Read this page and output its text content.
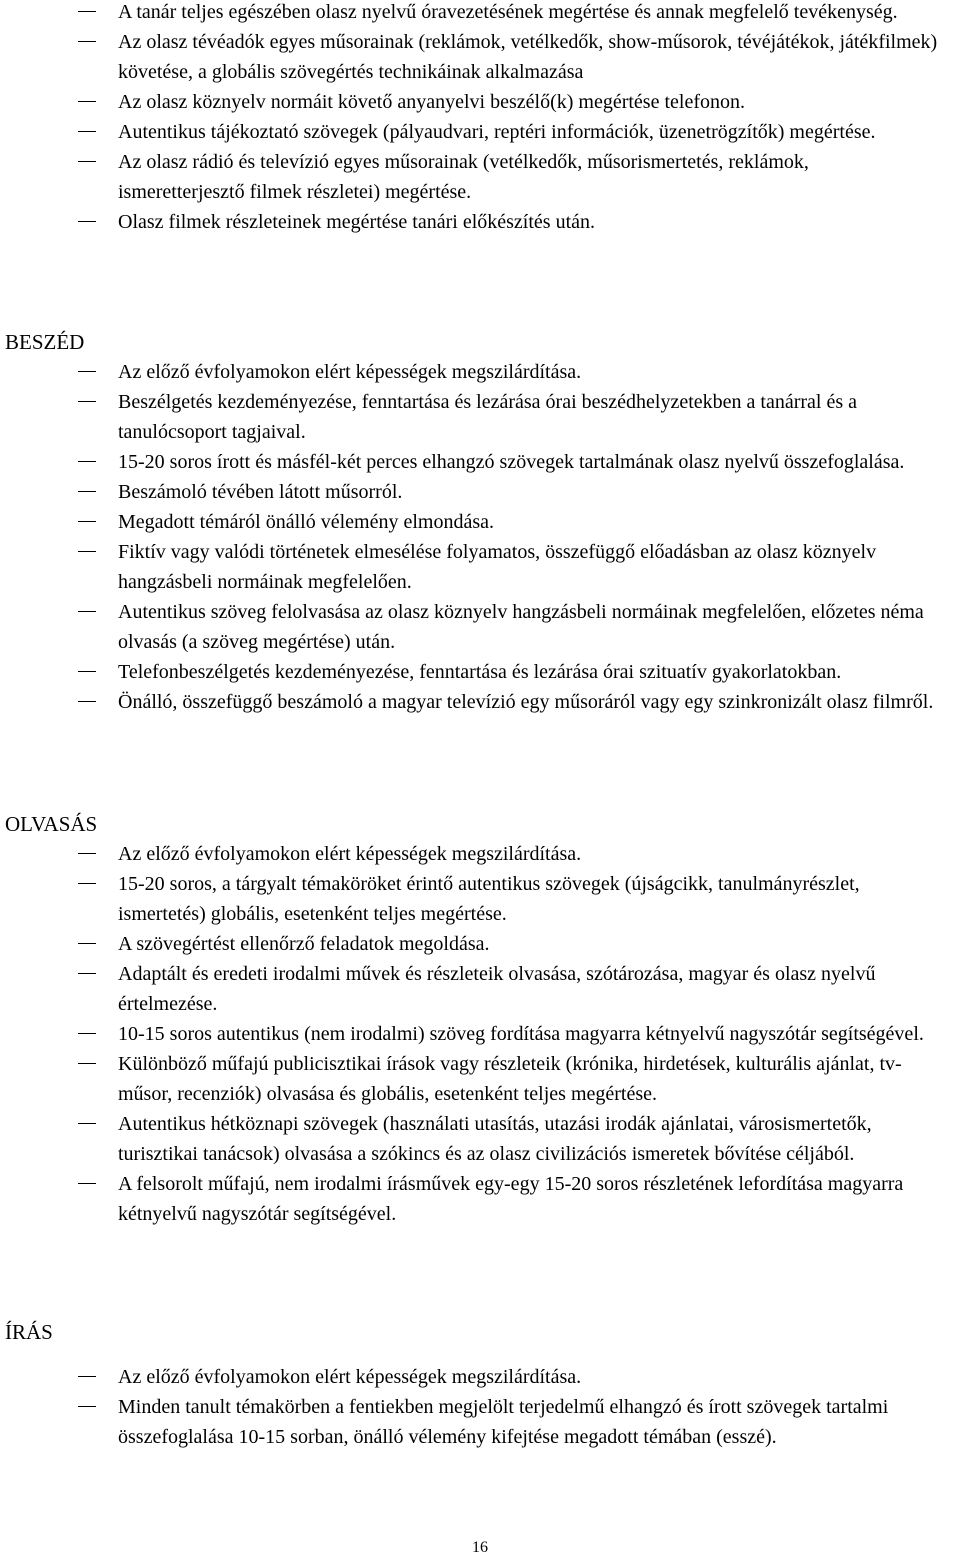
A tanár teljes egészében olasz nyelvű óravezetésének megértése és annak megfelelő tevékenység.
Az olasz tévéadók egyes műsorainak (reklámok, vetélkedők, show-műsorok, tévéjátékok, játékfilmek) követése, a globális szövegértés technikáinak alkalmazása
Az olasz köznyelv normáit követő anyanyelvi beszélő(k) megértése telefonon.
Autentikus tájékoztató szövegek (pályaudvari, reptéri információk, üzenetrögzítők) megértése.
Az olasz rádió és televízió egyes műsorainak (vetélkedők, műsorismertetés, reklámok, ismeretterjesztő filmek részletei) megértése.
Olasz filmek részleteinek megértése tanári előkészítés után.
BESZÉD
Az előző évfolyamokon elért képességek megszilárdítása.
Beszélgetés kezdeményezése, fenntartása és lezárása órai beszédhelyzetekben a tanárral és a tanulócsoport tagjaival.
15-20 soros írott és másfél-két perces elhangzó szövegek tartalmának olasz nyelvű összefoglalása.
Beszámoló tévében látott műsorról.
Megadott témáról önálló vélemény elmondása.
Fiktív vagy valódi történetek elmesélése folyamatos, összefüggő előadásban az olasz köznyelv hangzásbeli normáinak megfelelően.
Autentikus szöveg felolvasása az olasz köznyelv hangzásbeli normáinak megfelelően, előzetes néma olvasás (a szöveg megértése) után.
Telefonbeszélgetés kezdeményezése, fenntartása és lezárása órai szituatív gyakorlatokban.
Önálló, összefüggő beszámoló a magyar televízió egy műsoráról vagy egy szinkronizált olasz filmről.
OLVASÁS
Az előző évfolyamokon elért képességek megszilárdítása.
15-20 soros, a tárgyalt témaköröket érintő autentikus szövegek (újságcikk, tanulmányrészlet, ismertetés) globális, esetenként teljes megértése.
A szövegértést ellenőrző feladatok megoldása.
Adaptált és eredeti irodalmi művek és részleteik olvasása, szótározása, magyar és olasz nyelvű értelmezése.
10-15 soros autentikus (nem irodalmi) szöveg fordítása magyarra kétnyelvű nagyszótár segítségével.
Különböző műfajú publicisztikai írások vagy részleteik (krónika, hirdetések, kulturális ajánlat, tv-műsor, recenziók) olvasása és globális, esetenként teljes megértése.
Autentikus hétköznapi szövegek (használati utasítás, utazási irodák ajánlatai, városismertetők, turisztikai tanácsok) olvasása a szókincs és az olasz civilizációs ismeretek bővítése céljából.
A felsorolt műfajú, nem irodalmi írásművek egy-egy 15-20 soros részletének lefordítása magyarra kétnyelvű nagyszótár segítségével.
ÍRÁS
Az előző évfolyamokon elért képességek megszilárdítása.
Minden tanult témakörben a fentiekben megjelölt terjedelmű elhangzó és írott szövegek tartalmi összefoglalása 10-15 sorban, önálló vélemény kifejtése megadott témában (esszé).
16
